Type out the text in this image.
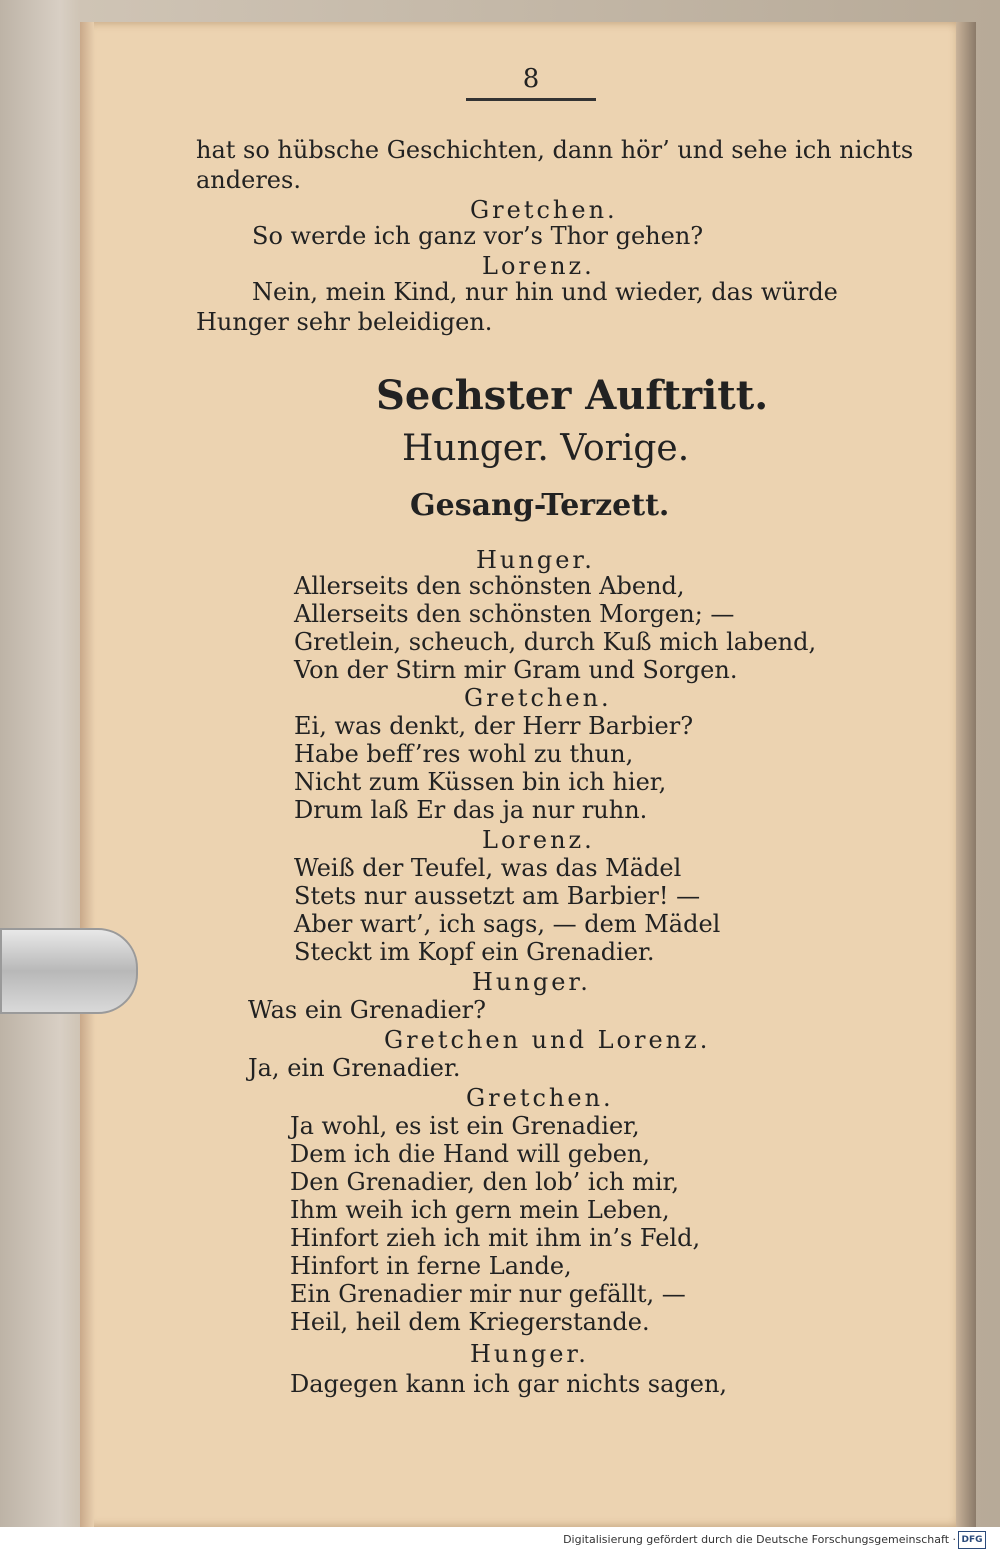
8
hat so hübsche Geschichten, dann hör’ und sehe ich nichts
anderes.
Gretchen.
So werde ich ganz vor’s Thor gehen?
Lorenz.
Nein, mein Kind, nur hin und wieder, das würde
Hunger sehr beleidigen.
Sechster Auftritt.
Hunger. Vorige.
Gesang-Terzett.
Hunger.
Allerseits den schönsten Abend,
Allerseits den schönsten Morgen; —
Gretlein, scheuch, durch Kuß mich labend,
Von der Stirn mir Gram und Sorgen.
Gretchen.
Ei, was denkt, der Herr Barbier?
Habe beff’res wohl zu thun,
Nicht zum Küssen bin ich hier,
Drum laß Er das ja nur ruhn.
Lorenz.
Weiß der Teufel, was das Mädel
Stets nur aussetzt am Barbier! —
Aber wart’, ich sags, — dem Mädel
Steckt im Kopf ein Grenadier.
Hunger.
Was ein Grenadier?
Gretchen und Lorenz.
Ja, ein Grenadier.
Gretchen.
Ja wohl, es ist ein Grenadier,
Dem ich die Hand will geben,
Den Grenadier, den lob’ ich mir,
Ihm weih ich gern mein Leben,
Hinfort zieh ich mit ihm in’s Feld,
Hinfort in ferne Lande,
Ein Grenadier mir nur gefällt, —
Heil, heil dem Kriegerstande.
Hunger.
Dagegen kann ich gar nichts sagen,
Digitalisierung gefördert durch die Deutsche Forschungsgemeinschaft · DFG
